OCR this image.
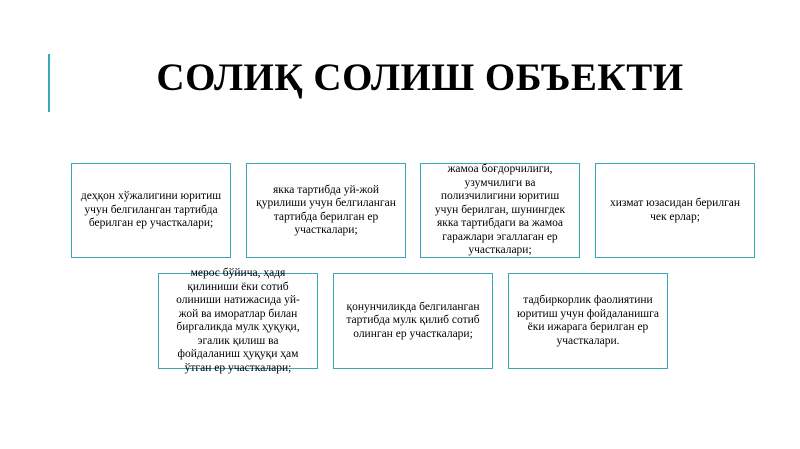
СОЛИҚ СОЛИШ ОБЪЕКТИ
деҳқон хўжалигини юритиш учун белгиланган тартибда берилган ер участкалари;
якка тартибда уй-жой қурилиши учун белгиланган тартибда берилган ер участкалари;
жамоа боғдорчилиги, узумчилиги ва полизчилигини юритиш учун берилган, шунингдек якка тартибдаги ва жамоа гаражлари эгаллаган ер участкалари;
хизмат юзасидан берилган чек ерлар;
мерос бўйича, ҳадя қилиниши ёки сотиб олиниши натижасида уй-жой ва иморатлар билан биргаликда мулк ҳуқуқи, эгалик қилиш ва фойдаланиш ҳуқуқи ҳам ўтган ер участкалари;
қонунчиликда белгиланган тартибда мулк қилиб сотиб олинган ер участкалари;
тадбиркорлик фаолиятини юритиш учун фойдаланишга ёки ижарага берилган ер участкалари.
